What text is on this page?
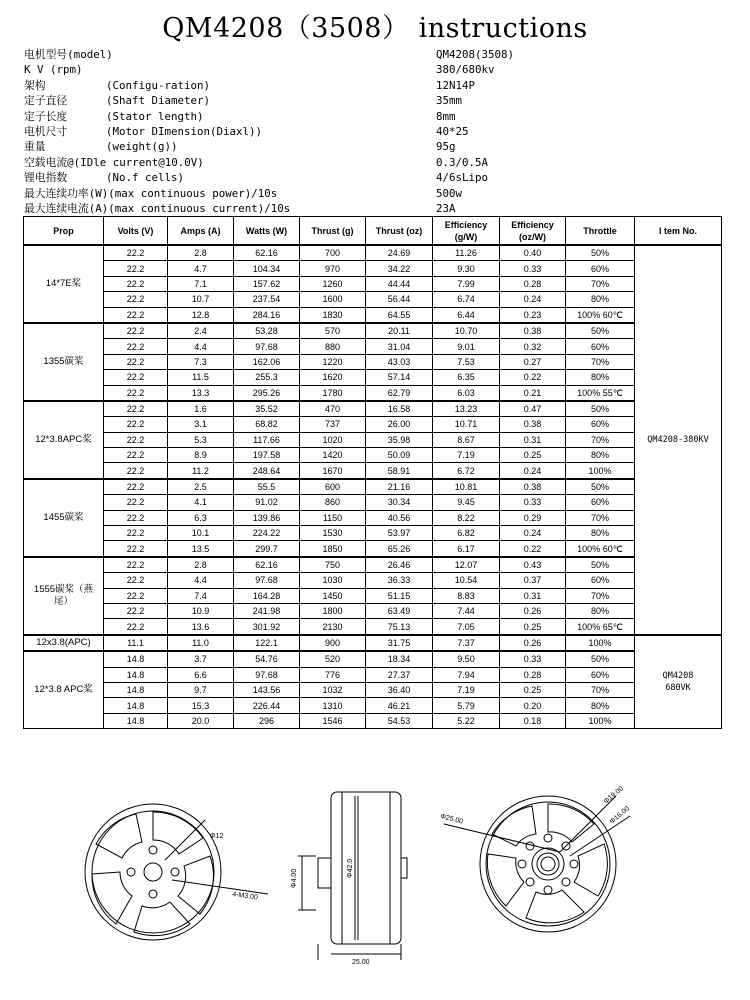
QM4208（3508） instructions
电机型号(model)	QM4208(3508)
K V (rpm)	380/680kv
架构	(Configu-ration)	12N14P
定子直径	(Shaft Diameter)	35mm
定子长度	(Stator length)	8mm
电机尺寸	(Motor DImension(Diaxl))	40*25
重量	(weight(g))	95g
空载电流@(IDle current@10.0V)	0.3/0.5A
锂电指数	(No.f cells)	4/6sLipo
最大连续功率(W)(max continuous power)/10s	500w
最大连续电流(A)(max continuous current)/10s	23A
Prop	Volts (V)	Amps (A)	Watts (W)	Thrust (g)	Thrust (oz)	Efficiency (g/W)	Efficiency (oz/W)	Throttle	I tem No.
14*7E桨	22.2	2.8	62.16	700	24.69	11.26	0.40	50%	QM4208-380KV
	22.2	4.7	104.34	970	34.22	9.30	0.33	60%	
	22.2	7.1	157.62	1260	44.44	7.99	0.28	70%	
	22.2	10.7	237.54	1600	56.44	6.74	0.24	80%	
	22.2	12.8	284.16	1830	64.55	6.44	0.23	100% 60℃	
1355碳桨	22.2	2.4	53.28	570	20.11	10.70	0.38	50%	
	22.2	4.4	97.68	880	31.04	9.01	0.32	60%	
	22.2	7.3	162.06	1220	43.03	7.53	0.27	70%	
	22.2	11.5	255.3	1620	57.14	6.35	0.22	80%	
	22.2	13.3	295.26	1780	62.79	6.03	0.21	100% 55℃	
12*3.8APC桨	22.2	1.6	35.52	470	16.58	13.23	0.47	50%	
	22.2	3.1	68.82	737	26.00	10.71	0.38	60%	
	22.2	5.3	117.66	1020	35.98	8.67	0.31	70%	
	22.2	8.9	197.58	1420	50.09	7.19	0.25	80%	
	22.2	11.2	248.64	1670	58.91	6.72	0.24	100%	
1455碳桨	22.2	2.5	55.5	600	21.16	10.81	0.38	50%	
	22.2	4.1	91.02	860	30.34	9.45	0.33	60%	
	22.2	6.3	139.86	1150	40.56	8.22	0.29	70%	
	22.2	10.1	224.22	1530	53.97	6.82	0.24	80%	
	22.2	13.5	299.7	1850	65.26	6.17	0.22	100% 60℃	
1555碳桨（燕尾）	22.2	2.8	62.16	750	26.46	12.07	0.43	50%	
	22.2	4.4	97.68	1030	36.33	10.54	0.37	60%	
	22.2	7.4	164.28	1450	51.15	8.83	0.31	70%	
	22.2	10.9	241.98	1800	63.49	7.44	0.26	80%	
	22.2	13.6	301.92	2130	75.13	7.05	0.25	100% 65℃	
12x3.8(APC)	11.1	11.0	122.1	900	31.75	7.37	0.26	100%	QM4208
680VK
12*3.8 APC桨	14.8	3.7	54.76	520	18.34	9.50	0.33	50%	
	14.8	6.6	97.68	776	27.37	7.94	0.28	60%	
	14.8	9.7	143.56	1032	36.40	7.19	0.25	70%	
	14.8	15.3	226.44	1310	46.21	5.79	0.20	80%	
	14.8	20.0	296	1546	54.53	5.22	0.18	100%	
Φ12
4-M3.00
Φ42.0
Φ4.00
25.00
Φ25.00
Φ19.00
Φ16.00
